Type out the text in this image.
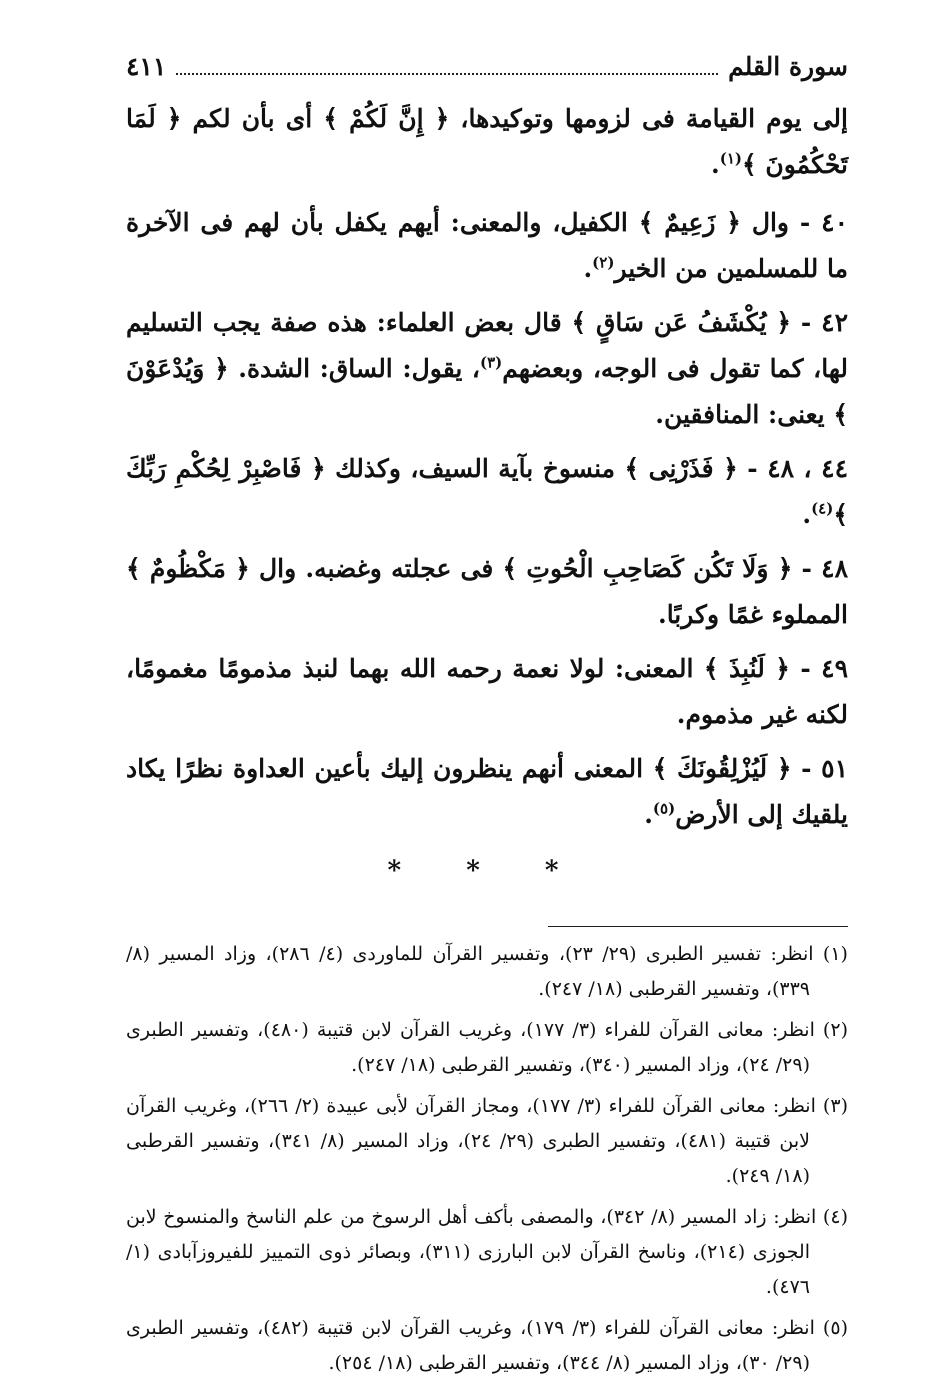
سورة القلم
٤١١

إلى يوم القيامة فى لزومها وتوكيدها، ﴿ إِنَّ لَكُمْ ﴾ أى بأن لكم ﴿ لَمَا تَحْكُمُونَ ﴾$^{(١)}$.

٤٠ - وال ﴿ زَعِيمٌ ﴾ الكفيل، والمعنى: أيهم يكفل بأن لهم فى الآخرة ما للمسلمين من الخير$^{(٢)}$.

٤٢ - ﴿ يُكْشَفُ عَن سَاقٍ ﴾ قال بعض العلماء: هذه صفة يجب التسليم لها، كما تقول فى الوجه، وبعضهم$^{(٣)}$، يقول: الساق: الشدة. ﴿ وَيُدْعَوْنَ ﴾ يعنى: المنافقين.

٤٤ ، ٤٨ - ﴿ فَذَرْنِى ﴾ منسوخ بآية السيف، وكذلك ﴿ فَاصْبِرْ لِحُكْمِ رَبِّكَ ﴾$^{(٤)}$.

٤٨ - ﴿ وَلَا تَكُن كَصَاحِبِ الْحُوتِ ﴾ فى عجلته وغضبه. وال ﴿ مَكْظُومٌ ﴾ المملوء غمًا وكربًا.

٤٩ - ﴿ لَنُبِذَ ﴾ المعنى: لولا نعمة رحمه الله بهما لنبذ مذمومًا مغمومًا، لكنه غير مذموم.

٥١ - ﴿ لَيُزْلِقُونَكَ ﴾ المعنى أنهم ينظرون إليك بأعين العداوة نظرًا يكاد يلقيك إلى الأرض$^{(٥)}$.

* * *

(١) انظر: تفسير الطبرى (٢٩/ ٢٣)، وتفسير القرآن للماوردى (٤/ ٢٨٦)، وزاد المسير (٨/ ٣٣٩)، وتفسير القرطبى (١٨/ ٢٤٧).

(٢) انظر: معانى القرآن للفراء (٣/ ١٧٧)، وغريب القرآن لابن قتيبة (٤٨٠)، وتفسير الطبرى (٢٩/ ٢٤)، وزاد المسير (٣٤٠)، وتفسير القرطبى (١٨/ ٢٤٧).

(٣) انظر: معانى القرآن للفراء (٣/ ١٧٧)، ومجاز القرآن لأبى عبيدة (٢/ ٢٦٦)، وغريب القرآن لابن قتيبة (٤٨١)، وتفسير الطبرى (٢٩/ ٢٤)، وزاد المسير (٨/ ٣٤١)، وتفسير القرطبى (١٨/ ٢٤٩).

(٤) انظر: زاد المسير (٨/ ٣٤٢)، والمصفى بأكف أهل الرسوخ من علم الناسخ والمنسوخ لابن الجوزى (٢١٤)، وناسخ القرآن لابن البارزى (٣١١)، وبصائر ذوى التمييز للفيروزآبادى (١/ ٤٧٦).

(٥) انظر: معانى القرآن للفراء (٣/ ١٧٩)، وغريب القرآن لابن قتيبة (٤٨٢)، وتفسير الطبرى (٢٩/ ٣٠)، وزاد المسير (٨/ ٣٤٤)، وتفسير القرطبى (١٨/ ٢٥٤).
